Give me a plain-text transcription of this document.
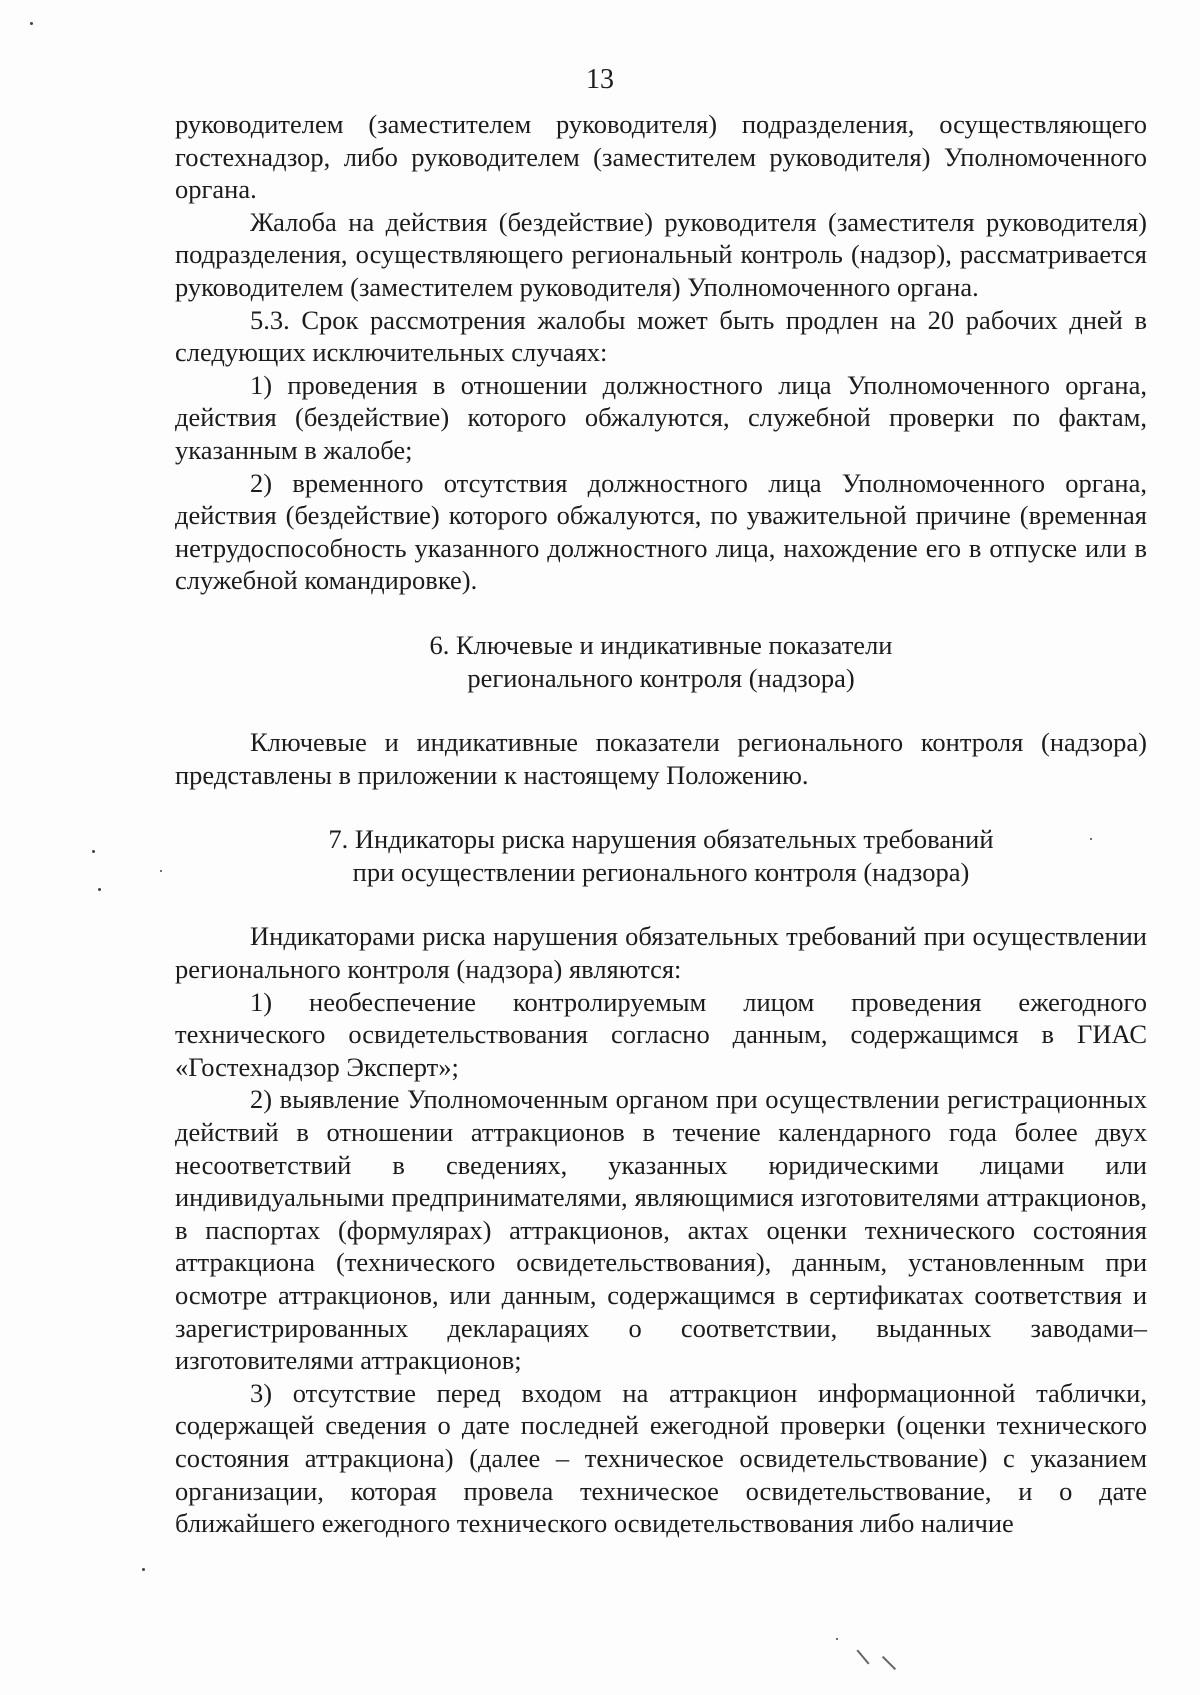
13

руководителем (заместителем руководителя) подразделения, осуществляющего гостехнадзор, либо руководителем (заместителем руководителя) Уполномоченного органа.

Жалоба на действия (бездействие) руководителя (заместителя руководителя) подразделения, осуществляющего региональный контроль (надзор), рассматривается руководителем (заместителем руководителя) Уполномоченного органа.

5.3. Срок рассмотрения жалобы может быть продлен на 20 рабочих дней в следующих исключительных случаях:

1) проведения в отношении должностного лица Уполномоченного органа, действия (бездействие) которого обжалуются, служебной проверки по фактам, указанным в жалобе;

2) временного отсутствия должностного лица Уполномоченного органа, действия (бездействие) которого обжалуются, по уважительной причине (временная нетрудоспособность указанного должностного лица, нахождение его в отпуске или в служебной командировке).

6. Ключевые и индикативные показатели
регионального контроля (надзора)

Ключевые и индикативные показатели регионального контроля (надзора) представлены в приложении к настоящему Положению.

7. Индикаторы риска нарушения обязательных требований
при осуществлении регионального контроля (надзора)

Индикаторами риска нарушения обязательных требований при осуществлении регионального контроля (надзора) являются:

1) необеспечение контролируемым лицом проведения ежегодного технического освидетельствования согласно данным, содержащимся в ГИАС «Гостехнадзор Эксперт»;

2) выявление Уполномоченным органом при осуществлении регистрационных действий в отношении аттракционов в течение календарного года более двух несоответствий в сведениях, указанных юридическими лицами или индивидуальными предпринимателями, являющимися изготовителями аттракционов, в паспортах (формулярах) аттракционов, актах оценки технического состояния аттракциона (технического освидетельствования), данным, установленным при осмотре аттракционов, или данным, содержащимся в сертификатах соответствия и зарегистрированных декларациях о соответствии, выданных заводами–изготовителями аттракционов;

3) отсутствие перед входом на аттракцион информационной таблички, содержащей сведения о дате последней ежегодной проверки (оценки технического состояния аттракциона) (далее – техническое освидетельствование) с указанием организации, которая провела техническое освидетельствование, и о дате ближайшего ежегодного технического освидетельствования либо наличие
